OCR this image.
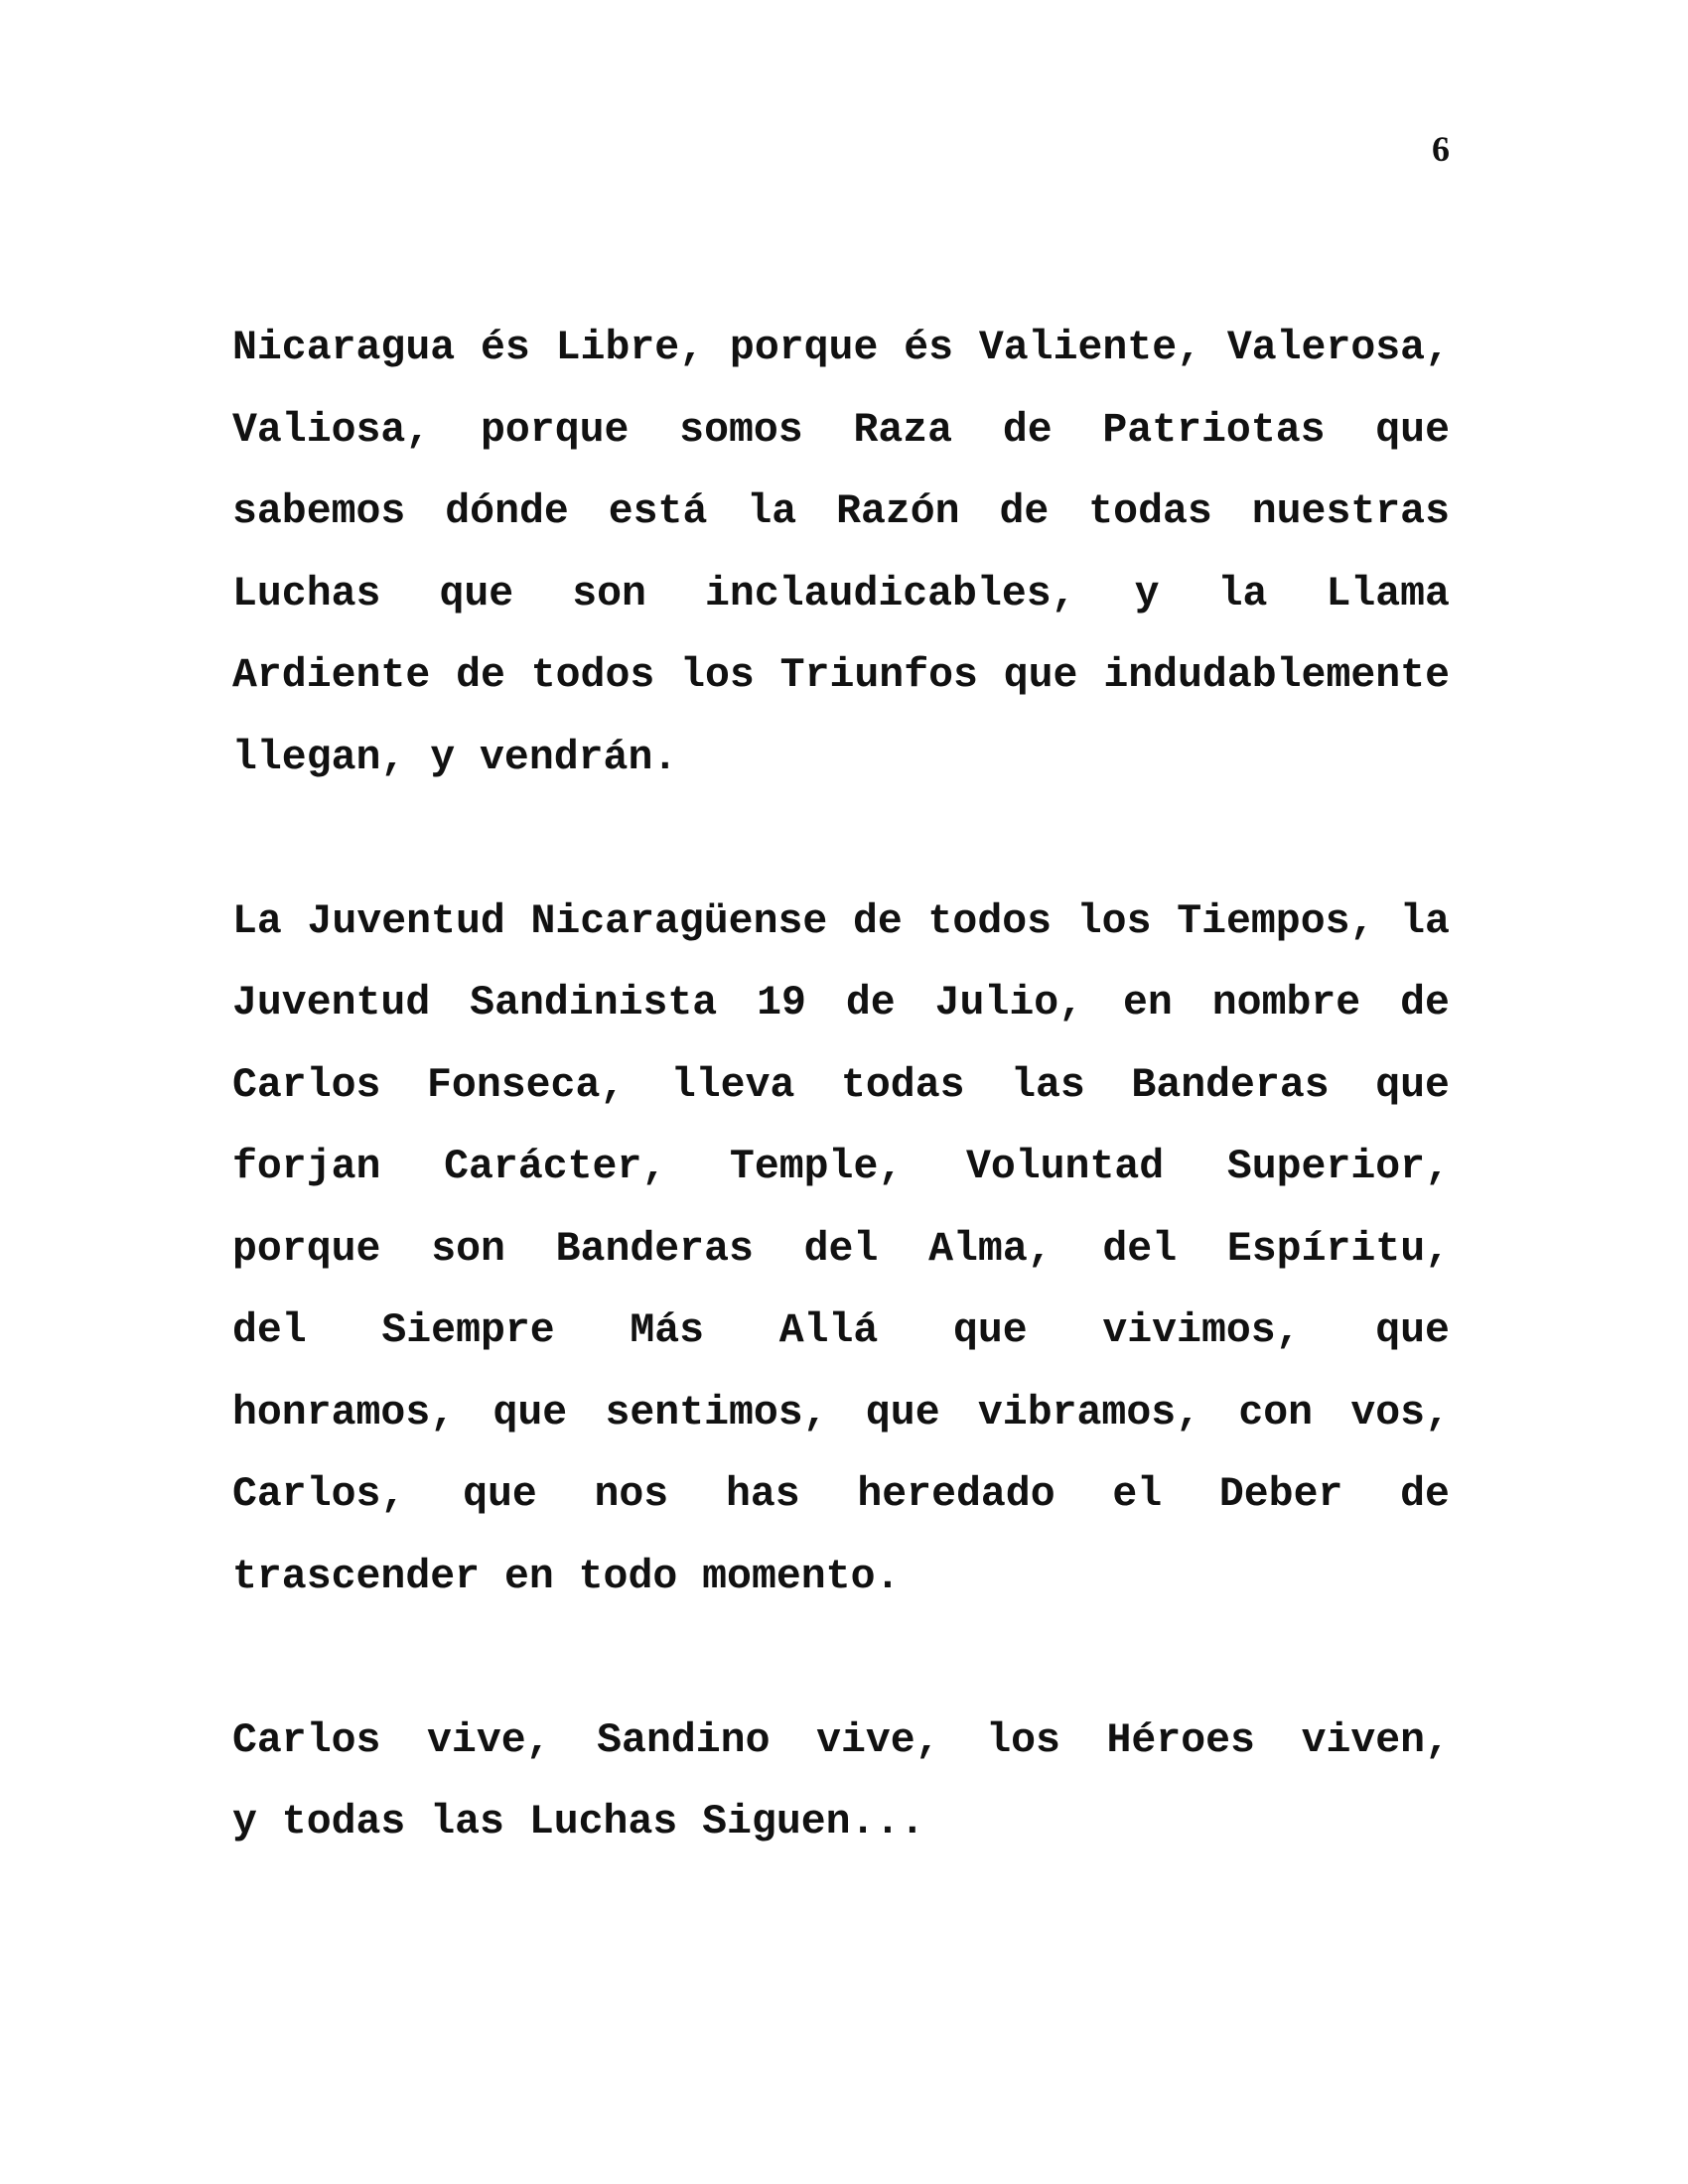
6
Nicaragua és Libre, porque és Valiente, Valerosa,
Valiosa, porque somos Raza de Patriotas que
sabemos dónde está la Razón de todas nuestras
Luchas que son inclaudicables, y la Llama
Ardiente de todos los Triunfos que indudablemente
llegan, y vendrán.
La Juventud Nicaragüense de todos los Tiempos, la
Juventud Sandinista 19 de Julio, en nombre de
Carlos Fonseca, lleva todas las Banderas que
forjan Carácter, Temple, Voluntad Superior,
porque son Banderas del Alma, del Espíritu,
del Siempre Más Allá que vivimos, que
honramos, que sentimos, que vibramos, con vos,
Carlos, que nos has heredado el Deber de
trascender en todo momento.
Carlos vive, Sandino vive, los Héroes viven,
y todas las Luchas Siguen...
